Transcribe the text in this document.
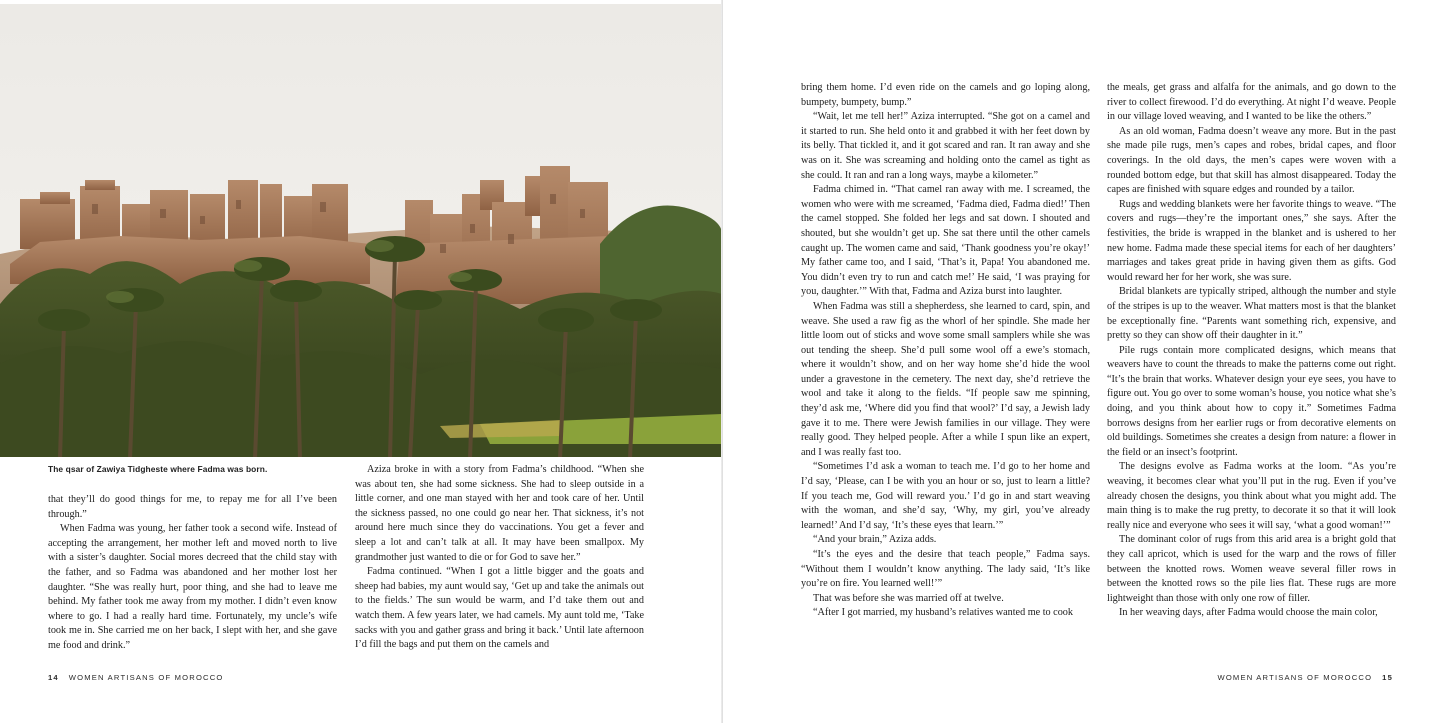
The qsar of Zawiya Tidgheste where Fadma was born.

that they’ll do good things for me, to repay me for all I’ve been through.”

When Fadma was young, her father took a second wife. Instead of accepting the arrangement, her mother left and moved north to live with a sister’s daughter. Social mores decreed that the child stay with the father, and so Fadma was abandoned and her mother lost her daughter. “She was really hurt, poor thing, and she had to leave me behind. My father took me away from my mother. I didn’t even know where to go. I had a really hard time. Fortunately, my uncle’s wife took me in. She carried me on her back, I slept with her, and she gave me food and drink.”

Aziza broke in with a story from Fadma’s childhood. “When she was about ten, she had some sickness. She had to sleep outside in a little corner, and one man stayed with her and took care of her. Until the sickness passed, no one could go near her. That sickness, it’s not around here much since they do vaccinations. You get a fever and sleep a lot and can’t talk at all. It may have been smallpox. My grandmother just wanted to die or for God to save her.”

Fadma continued. “When I got a little bigger and the goats and sheep had babies, my aunt would say, ‘Get up and take the animals out to the fields.’ The sun would be warm, and I’d take them out and watch them. A few years later, we had camels. My aunt told me, ‘Take sacks with you and gather grass and bring it back.’ Until late afternoon I’d fill the bags and put them on the camels and

14 WOMEN ARTISANS OF MOROCCO

bring them home. I’d even ride on the camels and go loping along, bumpety, bumpety, bump.”

“Wait, let me tell her!” Aziza interrupted. “She got on a camel and it started to run. She held onto it and grabbed it with her feet down by its belly. That tickled it, and it got scared and ran. It ran away and she was on it. She was screaming and holding onto the camel as tight as she could. It ran and ran a long ways, maybe a kilometer.”

Fadma chimed in. “That camel ran away with me. I screamed, the women who were with me screamed, ‘Fadma died, Fadma died!’ Then the camel stopped. She folded her legs and sat down. I shouted and shouted, but she wouldn’t get up. She sat there until the other camels caught up. The women came and said, ‘Thank goodness you’re okay!’ My father came too, and I said, ‘That’s it, Papa! You abandoned me. You didn’t even try to run and catch me!’ He said, ‘I was praying for you, daughter.’” With that, Fadma and Aziza burst into laughter.

When Fadma was still a shepherdess, she learned to card, spin, and weave. She used a raw fig as the whorl of her spindle. She made her little loom out of sticks and wove some small samplers while she was out tending the sheep. She’d pull some wool off a ewe’s stomach, where it wouldn’t show, and on her way home she’d hide the wool under a gravestone in the cemetery. The next day, she’d retrieve the wool and take it along to the fields. “If people saw me spinning, they’d ask me, ‘Where did you find that wool?’ I’d say, a Jewish lady gave it to me. There were Jewish families in our village. They were really good. They helped people. After a while I spun like an expert, and I was really fast too.

“Sometimes I’d ask a woman to teach me. I’d go to her home and I’d say, ‘Please, can I be with you an hour or so, just to learn a little? If you teach me, God will reward you.’ I’d go in and start weaving with the woman, and she’d say, ‘Why, my girl, you’ve already learned!’ And I’d say, ‘It’s these eyes that learn.’”

“And your brain,” Aziza adds.

“It’s the eyes and the desire that teach people,” Fadma says. “Without them I wouldn’t know anything. The lady said, ‘It’s like you’re on fire. You learned well!’”

That was before she was married off at twelve.

“After I got married, my husband’s relatives wanted me to cook

the meals, get grass and alfalfa for the animals, and go down to the river to collect firewood. I’d do everything. At night I’d weave. People in our village loved weaving, and I wanted to be like the others.”

As an old woman, Fadma doesn’t weave any more. But in the past she made pile rugs, men’s capes and robes, bridal capes, and floor coverings. In the old days, the men’s capes were woven with a rounded bottom edge, but that skill has almost disappeared. Today the capes are finished with square edges and rounded by a tailor.

Rugs and wedding blankets were her favorite things to weave. “The covers and rugs—they’re the important ones,” she says. After the festivities, the bride is wrapped in the blanket and is ushered to her new home. Fadma made these special items for each of her daughters’ marriages and takes great pride in having given them as gifts. God would reward her for her work, she was sure.

Bridal blankets are typically striped, although the number and style of the stripes is up to the weaver. What matters most is that the blanket be exceptionally fine. “Parents want something rich, expensive, and pretty so they can show off their daughter in it.”

Pile rugs contain more complicated designs, which means that weavers have to count the threads to make the patterns come out right. “It’s the brain that works. Whatever design your eye sees, you have to figure out. You go over to some woman’s house, you notice what she’s doing, and you think about how to copy it.” Sometimes Fadma borrows designs from her earlier rugs or from decorative elements on old buildings. Sometimes she creates a design from nature: a flower in the field or an insect’s footprint.

The designs evolve as Fadma works at the loom. “As you’re weaving, it becomes clear what you’ll put in the rug. Even if you’ve already chosen the designs, you think about what you might add. The main thing is to make the rug pretty, to decorate it so that it will look really nice and everyone who sees it will say, ‘what a good woman!’”

The dominant color of rugs from this arid area is a bright gold that they call apricot, which is used for the warp and the rows of filler between the knotted rows. Women weave several filler rows in between the knotted rows so the pile lies flat. These rugs are more lightweight than those with only one row of filler.

In her weaving days, after Fadma would choose the main color,

WOMEN ARTISANS OF MOROCCO 15
